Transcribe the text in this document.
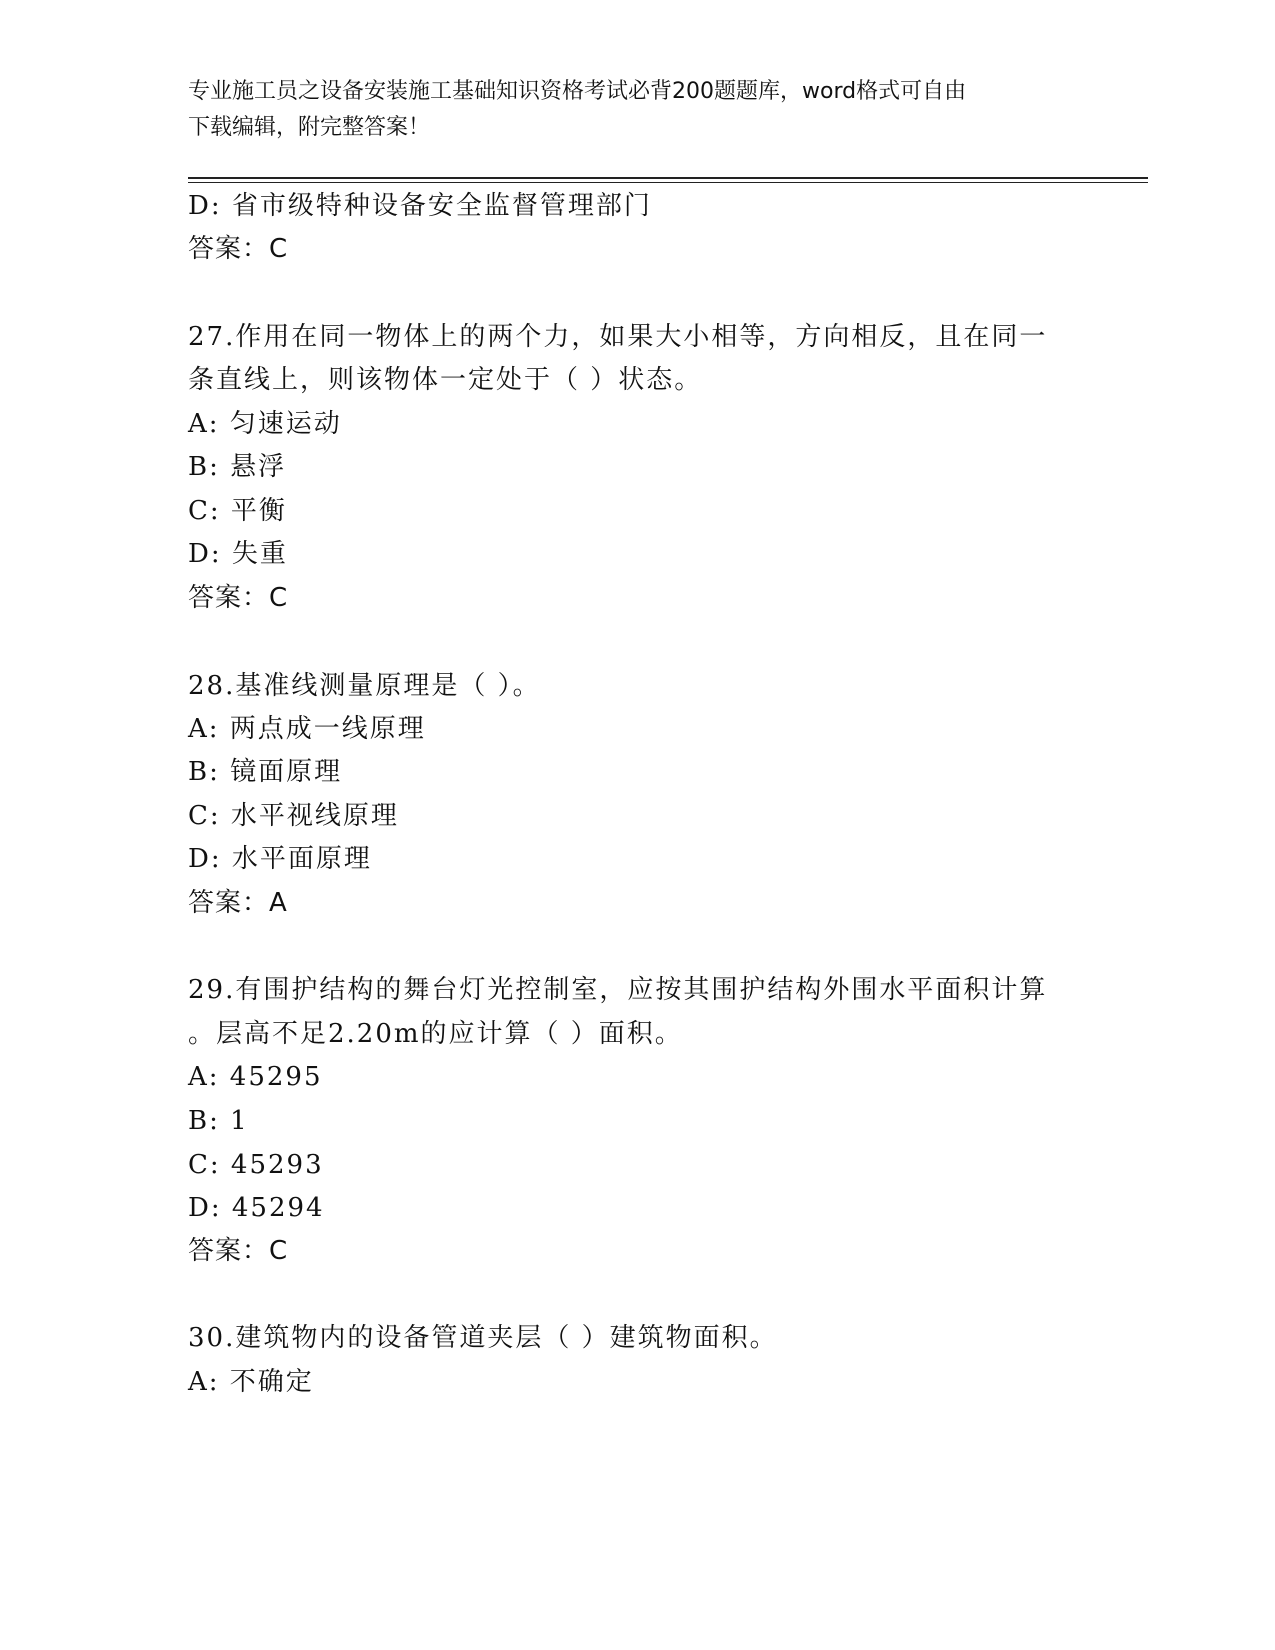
专业施工员之设备安装施工基础知识资格考试必背200题题库，word格式可自由
下载编辑，附完整答案！
D: 省市级特种设备安全监督管理部门
答案：C
27.作用在同一物体上的两个力，如果大小相等，方向相反，且在同一
条直线上，则该物体一定处于（ ）状态。
A: 匀速运动
B: 悬浮
C: 平衡
D: 失重
答案：C
28.基准线测量原理是（ ）。
A: 两点成一线原理
B: 镜面原理
C: 水平视线原理
D: 水平面原理
答案：A
29.有围护结构的舞台灯光控制室，应按其围护结构外围水平面积计算
。层高不足2.20m的应计算（ ）面积。
A: 45295
B: 1
C: 45293
D: 45294
答案：C
30.建筑物内的设备管道夹层（ ）建筑物面积。
A: 不确定
